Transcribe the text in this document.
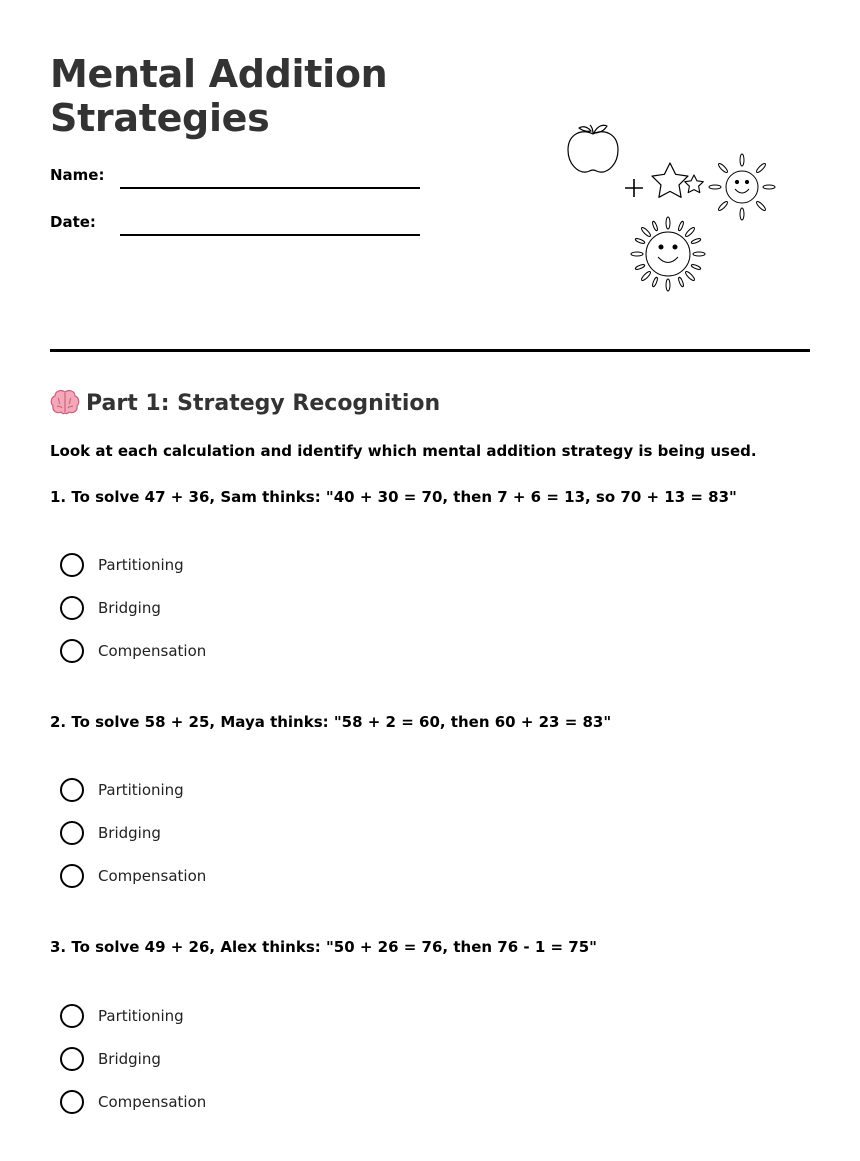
Mental Addition Strategies
Name:
Date:
Part 1: Strategy Recognition

Look at each calculation and identify which mental addition strategy is being used.

1. To solve 47 + 36, Sam thinks: "40 + 30 = 70, then 7 + 6 = 13, so 70 + 13 = 83"

Partitioning
Bridging
Compensation

2. To solve 58 + 25, Maya thinks: "58 + 2 = 60, then 60 + 23 = 83"

Partitioning
Bridging
Compensation

3. To solve 49 + 26, Alex thinks: "50 + 26 = 76, then 76 - 1 = 75"

Partitioning
Bridging
Compensation
